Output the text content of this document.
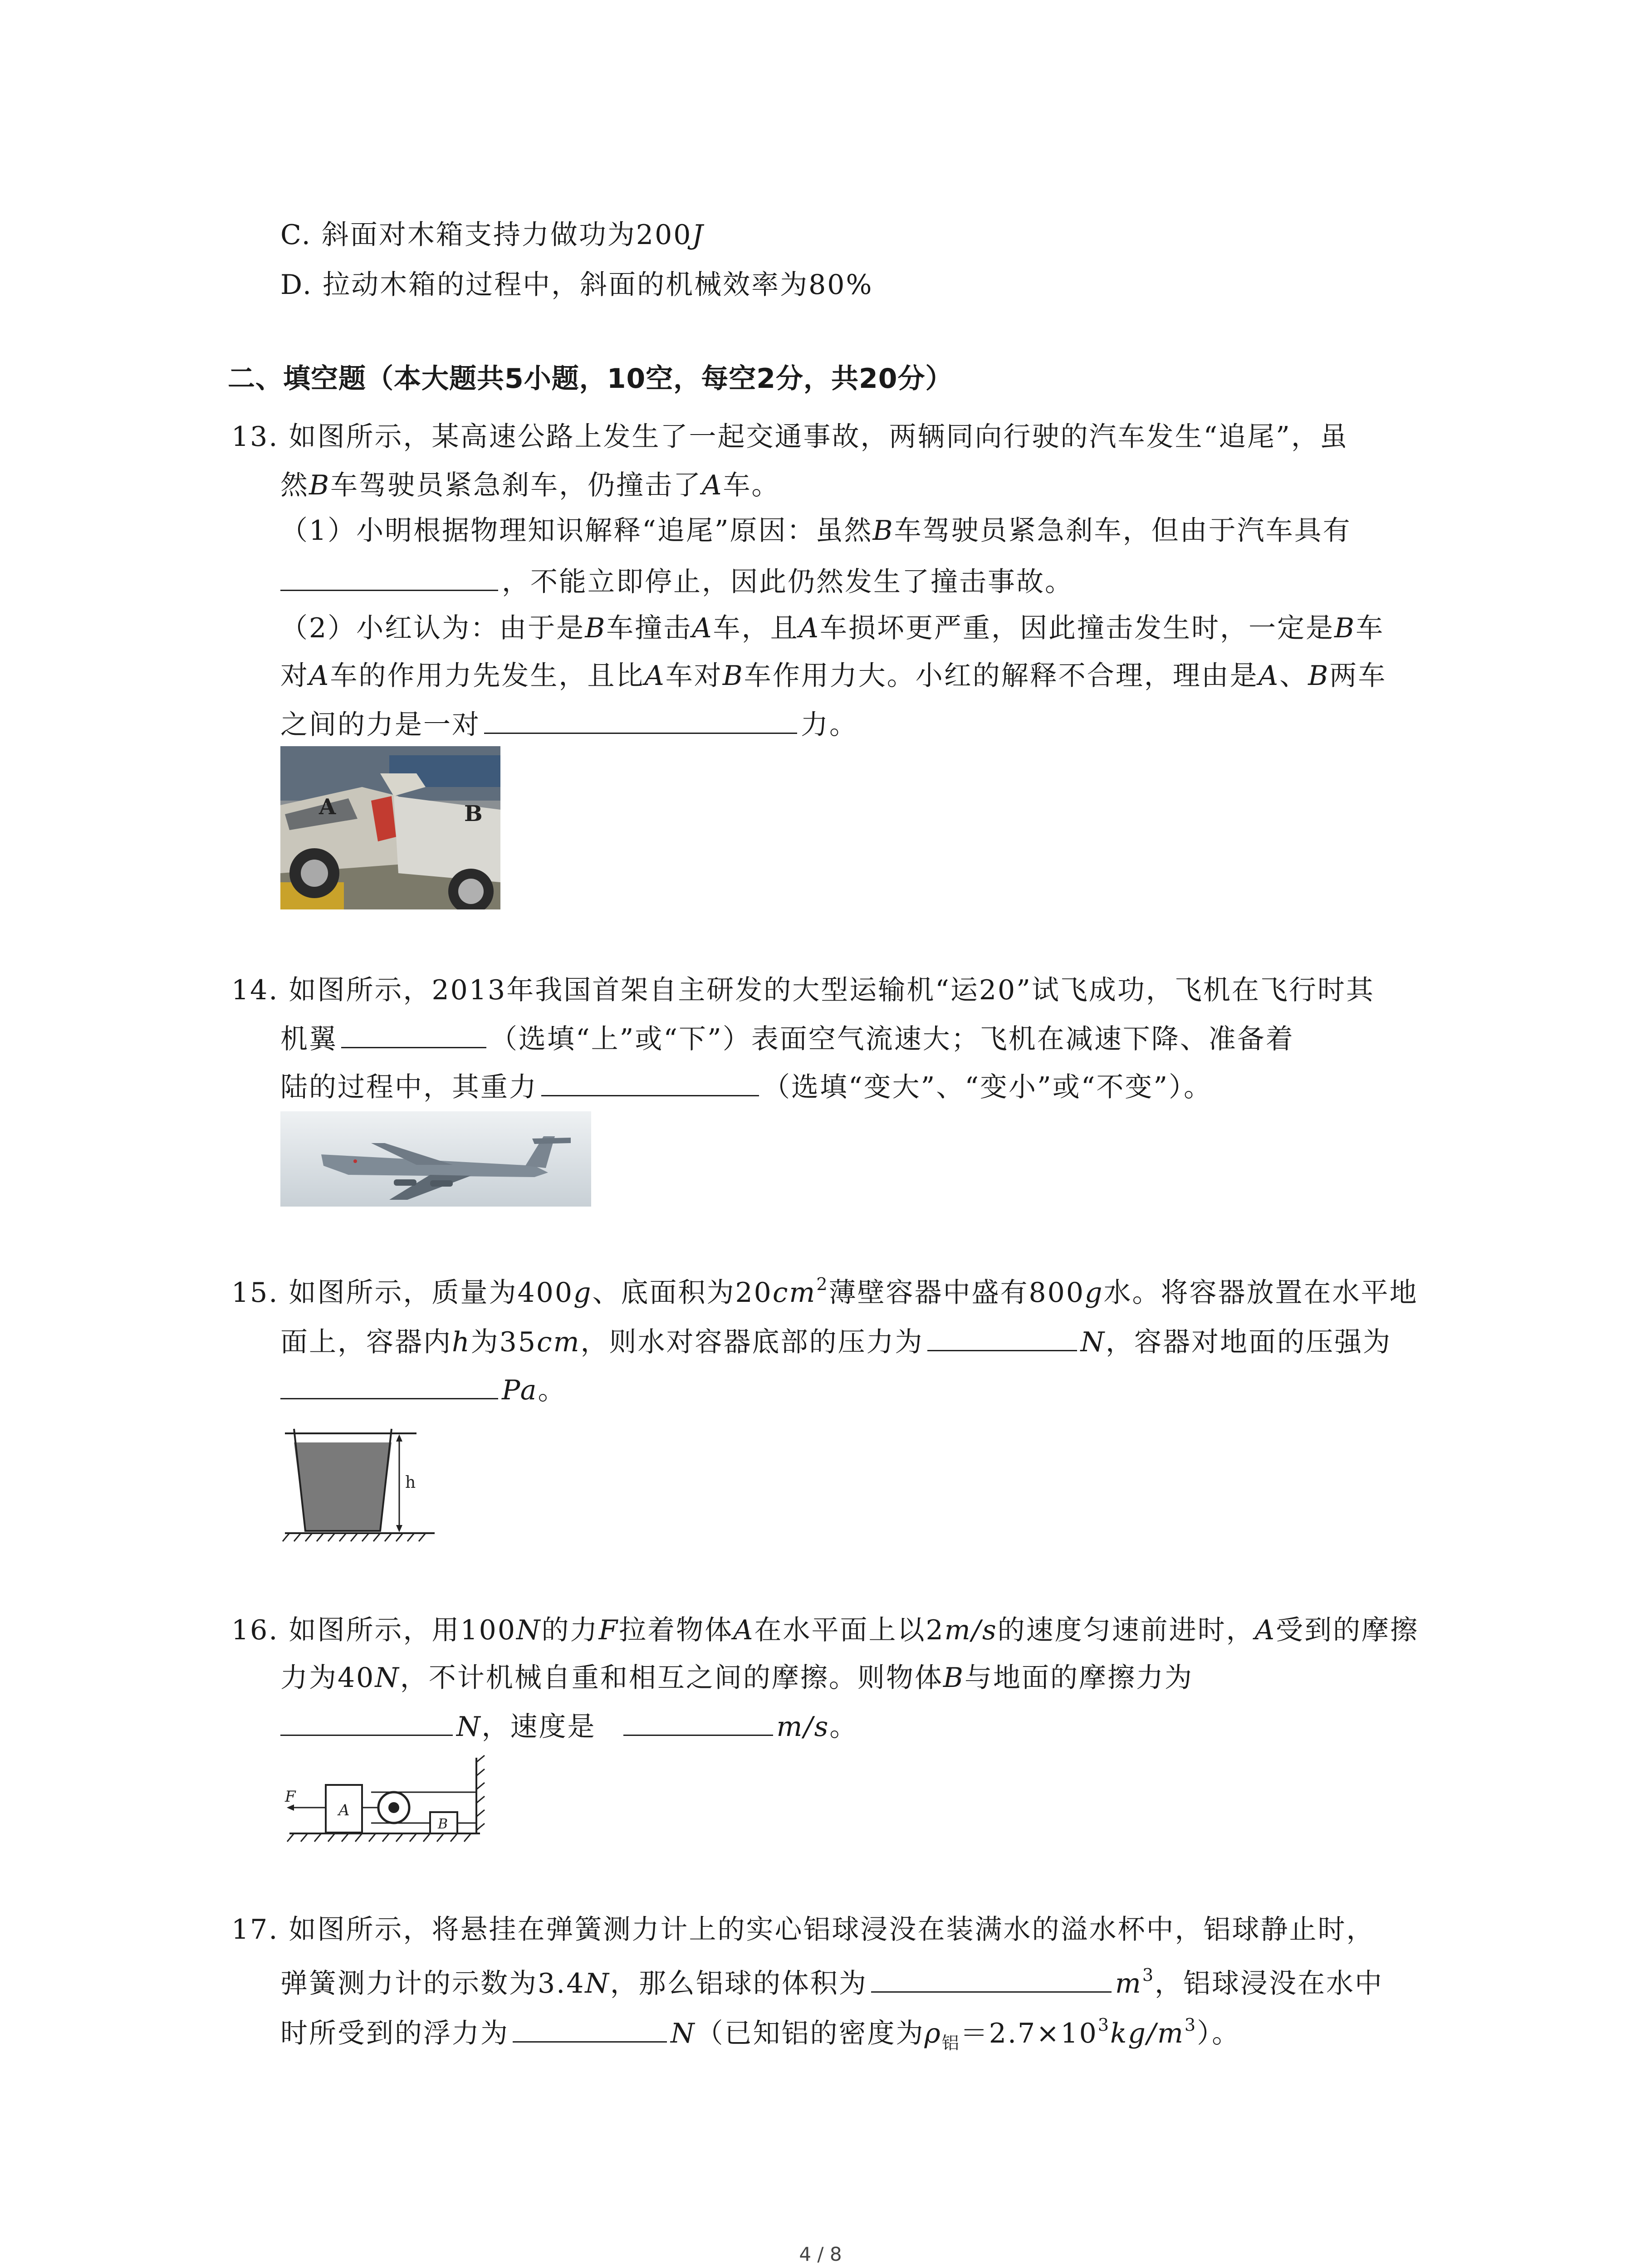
C. 斜面对木箱支持力做功为200J
D. 拉动木箱的过程中，斜面的机械效率为80%
二、填空题（本大题共5小题，10空，每空2分，共20分）
13. 如图所示，某高速公路上发生了一起交通事故，两辆同向行驶的汽车发生“追尾”，虽
然B车驾驶员紧急刹车，仍撞击了A车。
（1）小明根据物理知识解释“追尾”原因：虽然B车驾驶员紧急刹车，但由于汽车具有
，不能立即停止，因此仍然发生了撞击事故。
（2）小红认为：由于是B车撞击A车，且A车损坏更严重，因此撞击发生时，一定是B车
对A车的作用力先发生，且比A车对B车作用力大。小红的解释不合理，理由是A、B两车
之间的力是一对	力。
A	B
14. 如图所示，2013年我国首架自主研发的大型运输机“运20”试飞成功，飞机在飞行时其
机翼	（选填“上”或“下”）表面空气流速大；飞机在减速下降、准备着
陆的过程中，其重力	（选填“变大”、“变小”或“不变”）。
15. 如图所示，质量为400g、底面积为$20cm^2$薄壁容器中盛有800g水。将容器放置在水平地
面上，容器内h为35cm，则水对容器底部的压力为	N，容器对地面的压强为
Pa。
h
16. 如图所示，用100N的力F拉着物体A在水平面上以2m/s的速度匀速前进时，A受到的摩擦
力为40N，不计机械自重和相互之间的摩擦。则物体B与地面的摩擦力为
N，速度是	m/s。
A
F
B
17. 如图所示，将悬挂在弹簧测力计上的实心铝球浸没在装满水的溢水杯中，铝球静止时，
弹簧测力计的示数为3.4N，那么铝球的体积为	$m^3$，铝球浸没在水中
时所受到的浮力为	N（已知铝的密度为$\rho_铝=2.7\times 10^3kg/m^3$）。
4 / 8
